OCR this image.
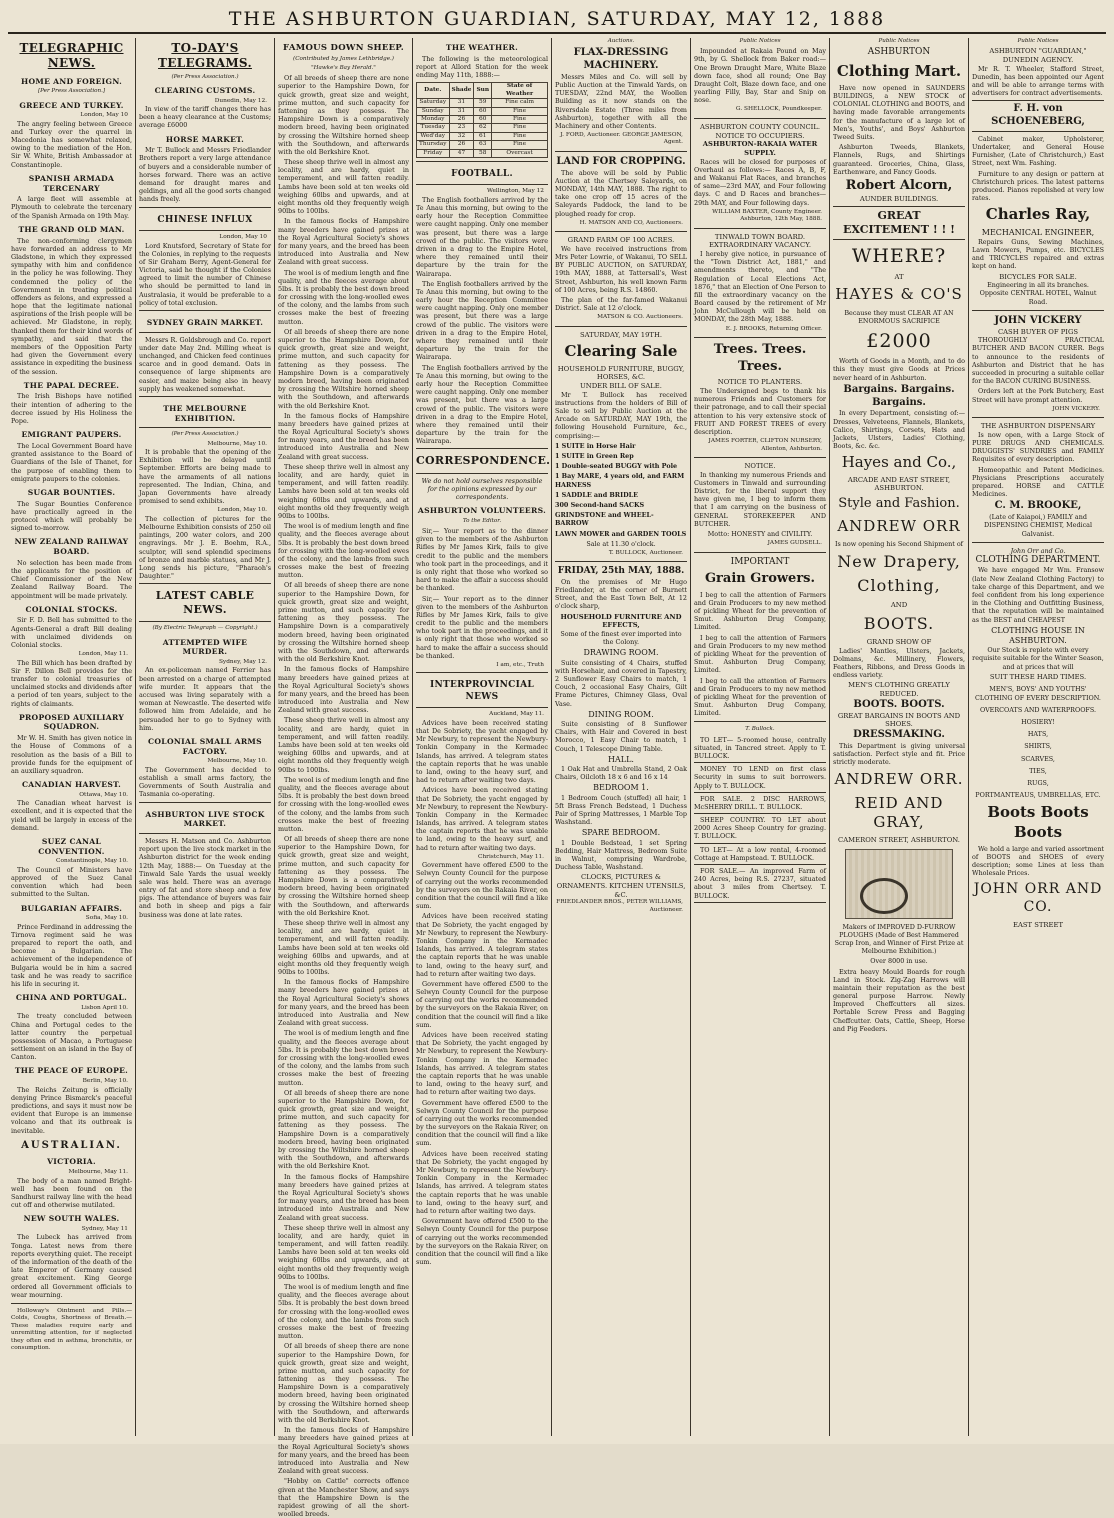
THE ASHBURTON GUARDIAN, SATURDAY, MAY 12, 1888
TELEGRAPHIC NEWS.
HOME AND FOREIGN.
[Per Press Association.]
GREECE AND TURKEY.
London, May 10

The angry feeling between Greece and Turkey over the quarrel in Macedonia has somewhat relaxed, owing to the mediation of the Hon. Sir W. White, British Ambassador at Constantinople.

SPANISH ARMADA TERCENARY

A large fleet will assemble at Plymouth to celebrate the tercenary of the Spanish Armada on 19th May.

THE GRAND OLD MAN.

The non-conforming clergymen have forwarded an address to Mr Gladstone, in which they expressed sympathy with him and confidence in the policy he was following. They condemned the policy of the Government in treating political offenders as felons, and expressed a hope that the legitimate national aspirations of the Irish people will be achieved. Mr Gladstone, in reply, thanked them for their kind words of sympathy, and said that the members of the Opposition Party had given the Government every assistance in expediting the business of the session.

THE PAPAL DECREE.

The Irish Bishops have notified their intention of adhering to the decree issued by His Holiness the Pope.

EMIGRANT PAUPERS.

The Local Government Board have granted assistance to the Board of Guardians of the Isle of Thanet, for the purpose of enabling them to emigrate paupers to the colonies.

SUGAR BOUNTIES.

The Sugar Bounties Conference have practically agreed in the protocol which will probably be signed to-morrow.

NEW ZEALAND RAILWAY BOARD.

No selection has been made from the applicants for the position of Chief Commissioner of the New Zealand Railway Board. The appointment will be made privately.

COLONIAL STOCKS.

Sir F. D. Bell has submitted to the Agents-General a draft Bill dealing with unclaimed dividends on Colonial stocks.

London, May 11.

The Bill which has been drafted by Sir F. Dillon Bell provides for the transfer to colonial treasuries of unclaimed stocks and dividends after a period of ten years, subject to the rights of claimants.

PROPOSED AUXILIARY SQUADRON.

Mr W. H. Smith has given notice in the House of Commons of a resolution as the basis of a Bill to provide funds for the equipment of an auxiliary squadron.

CANADIAN HARVEST.
Ottawa, May 10.

The Canadian wheat harvest is excellent, and it is expected that the yield will be largely in excess of the demand.

SUEZ CANAL CONVENTION.
Constantinople, May 10.

The Council of Ministers have approved of the Suez Canal convention which had been submitted to the Sultan.

BULGARIAN AFFAIRS.
Sofia, May 10.

Prince Ferdinand in addressing the Tirnova regiment said he was prepared to report the oath, and become a Bulgarian. The achievement of the independence of Bulgaria would be in him a sacred task and he was ready to sacrifice his life in securing it.

CHINA AND PORTUGAL.
Lisbon April 10.

The treaty concluded between China and Portugal cedes to the latter country the perpetual possession of Macao, a Portuguese settlement on an island in the Bay of Canton.

THE PEACE OF EUROPE.
Berlin, May 10.

The Reichs Zeitung is officially denying Prince Bismarck's peaceful predictions, and says it must now be evident that Europe is an immense volcano and that its outbreak is inevitable.

AUSTRALIAN.
VICTORIA.
Melbourne, May 11.

The body of a man named Bright-well has been found on the Sandhurst railway line with the head cut off and otherwise mutilated.

NEW SOUTH WALES.
Sydney, May 11

The Lubeck has arrived from Tonga. Latest news from there reports everything quiet. The receipt of the information of the death of the late Emperor of Germany caused great excitement. King George ordered all Government officials to wear mourning.

Holloway's Ointment and Pills.— Colds, Coughs, Shortness of Breath.— These maladies require early and unremitting attention, for if neglected they often end in asthma, bronchitis, or consumption.

TO-DAY'S TELEGRAMS.
(Per Press Association.)
CLEARING CUSTOMS.
Dunedin, May 12.

In view of the tariff changes there has been a heavy clearance at the Customs; average £6000

HORSE MARKET.

Mr T. Bullock and Messrs Friedlander Brothers report a very large attendance of buyers and a considerable number of horses forward. There was an active demand for draught mares and geldings, and all the good sorts changed hands freely.

CHINESE INFLUX
London, May 10

Lord Knutsford, Secretary of State for the Colonies, in replying to the requests of Sir Graham Berry, Agent-General for Victoria, said he thought if the Colonies agreed to limit the number of Chinese who should be permitted to land in Australasia, it would be preferable to a policy of total exclusion.

SYDNEY GRAIN MARKET.

Messrs R. Goldsbrough and Co. report under date May 2nd. Milling wheat is unchanged, and Chicken feed continues scarce and in good demand. Oats in consequence of large shipments are easier, and maize being also in heavy supply has weakened somewhat.

THE MELBOURNE EXHIBITION.
(Per Press Association.)
Melbourne, May 10.

It is probable that the opening of the Exhibition will be delayed until September. Efforts are being made to have the armaments of all nations represented. The Indian, China, and Japan Governments have already promised to send exhibits.

London, May 10.

The collection of pictures for the Melbourne Exhibition consists of 250 oil paintings, 200 water colors, and 200 engravings. Mr J. E. Boehm, R.A., sculptor, will send splendid specimens of bronze and marble statues, and Mr J. Long sends his picture, "Pharaoh's Daughter."

LATEST CABLE NEWS.
(By Electric Telegraph — Copyright.)
ATTEMPTED WIFE MURDER.
Sydney, May 12.

An ex-policeman named Ferrier has been arrested on a charge of attempted wife murder. It appears that the accused was living separately with a woman at Newcastle. The deserted wife followed him from Adelaide, and he persuaded her to go to Sydney with him.

COLONIAL SMALL ARMS FACTORY.
Melbourne, May 10.

The Government has decided to establish a small arms factory, the Governments of South Australia and Tasmania co-operating.

ASHBURTON LIVE STOCK MARKET.

Messrs H. Matson and Co. Ashburton report upon the live stock market in the Ashburton district for the week ending 12th May, 1888:— On Tuesday at the Tinwald Sale Yards the usual weekly sale was held. There was an average entry of fat and store sheep and a few pigs. The attendance of buyers was fair and both in sheep and pigs a fair business was done at late rates.

FAMOUS DOWN SHEEP.
(Contributed by James Lethbridge.)
"Hawke's Bay Herald."

Of all breeds of sheep there are none superior to the Hampshire Down, for quick growth, great size and weight, prime mutton, and such capacity for fattening as they possess. The Hampshire Down is a comparatively modern breed, having been originated by crossing the Wiltshire horned sheep with the Southdown, and afterwards with the old Berkshire Knot.

These sheep thrive well in almost any locality, and are hardy, quiet in temperament, and will fatten readily. Lambs have been sold at ten weeks old weighing 60lbs and upwards, and at eight months old they frequently weigh 90lbs to 100lbs.

In the famous flocks of Hampshire many breeders have gained prizes at the Royal Agricultural Society's shows for many years, and the breed has been introduced into Australia and New Zealand with great success.

The wool is of medium length and fine quality, and the fleeces average about 5lbs. It is probably the best down breed for crossing with the long-woolled ewes of the colony, and the lambs from such crosses make the best of freezing mutton.

Of all breeds of sheep there are none superior to the Hampshire Down, for quick growth, great size and weight, prime mutton, and such capacity for fattening as they possess. The Hampshire Down is a comparatively modern breed, having been originated by crossing the Wiltshire horned sheep with the Southdown, and afterwards with the old Berkshire Knot.

In the famous flocks of Hampshire many breeders have gained prizes at the Royal Agricultural Society's shows for many years, and the breed has been introduced into Australia and New Zealand with great success.

These sheep thrive well in almost any locality, and are hardy, quiet in temperament, and will fatten readily. Lambs have been sold at ten weeks old weighing 60lbs and upwards, and at eight months old they frequently weigh 90lbs to 100lbs.

The wool is of medium length and fine quality, and the fleeces average about 5lbs. It is probably the best down breed for crossing with the long-woolled ewes of the colony, and the lambs from such crosses make the best of freezing mutton.

Of all breeds of sheep there are none superior to the Hampshire Down, for quick growth, great size and weight, prime mutton, and such capacity for fattening as they possess. The Hampshire Down is a comparatively modern breed, having been originated by crossing the Wiltshire horned sheep with the Southdown, and afterwards with the old Berkshire Knot.

In the famous flocks of Hampshire many breeders have gained prizes at the Royal Agricultural Society's shows for many years, and the breed has been introduced into Australia and New Zealand with great success.

These sheep thrive well in almost any locality, and are hardy, quiet in temperament, and will fatten readily. Lambs have been sold at ten weeks old weighing 60lbs and upwards, and at eight months old they frequently weigh 90lbs to 100lbs.

The wool is of medium length and fine quality, and the fleeces average about 5lbs. It is probably the best down breed for crossing with the long-woolled ewes of the colony, and the lambs from such crosses make the best of freezing mutton.

Of all breeds of sheep there are none superior to the Hampshire Down, for quick growth, great size and weight, prime mutton, and such capacity for fattening as they possess. The Hampshire Down is a comparatively modern breed, having been originated by crossing the Wiltshire horned sheep with the Southdown, and afterwards with the old Berkshire Knot.

These sheep thrive well in almost any locality, and are hardy, quiet in temperament, and will fatten readily. Lambs have been sold at ten weeks old weighing 60lbs and upwards, and at eight months old they frequently weigh 90lbs to 100lbs.

In the famous flocks of Hampshire many breeders have gained prizes at the Royal Agricultural Society's shows for many years, and the breed has been introduced into Australia and New Zealand with great success.

The wool is of medium length and fine quality, and the fleeces average about 5lbs. It is probably the best down breed for crossing with the long-woolled ewes of the colony, and the lambs from such crosses make the best of freezing mutton.

Of all breeds of sheep there are none superior to the Hampshire Down, for quick growth, great size and weight, prime mutton, and such capacity for fattening as they possess. The Hampshire Down is a comparatively modern breed, having been originated by crossing the Wiltshire horned sheep with the Southdown, and afterwards with the old Berkshire Knot.

In the famous flocks of Hampshire many breeders have gained prizes at the Royal Agricultural Society's shows for many years, and the breed has been introduced into Australia and New Zealand with great success.

These sheep thrive well in almost any locality, and are hardy, quiet in temperament, and will fatten readily. Lambs have been sold at ten weeks old weighing 60lbs and upwards, and at eight months old they frequently weigh 90lbs to 100lbs.

The wool is of medium length and fine quality, and the fleeces average about 5lbs. It is probably the best down breed for crossing with the long-woolled ewes of the colony, and the lambs from such crosses make the best of freezing mutton.

Of all breeds of sheep there are none superior to the Hampshire Down, for quick growth, great size and weight, prime mutton, and such capacity for fattening as they possess. The Hampshire Down is a comparatively modern breed, having been originated by crossing the Wiltshire horned sheep with the Southdown, and afterwards with the old Berkshire Knot.

In the famous flocks of Hampshire many breeders have gained prizes at the Royal Agricultural Society's shows for many years, and the breed has been introduced into Australia and New Zealand with great success.

"Hobby on Cattle" corrects offence given at the Manchester Show, and says that the Hampshire Down is the rapidest growing of all the short-woolled breeds.

THE WEATHER.

The following is the meteorological report at Allord Station for the week ending May 11th, 1888:—

Date.	Shade	Sun	State of Weather
Saturday	31	59	Fine calm
Sunday	31	60	Fine
Monday	26	60	Fine
Tuesday	23	62	Fine
Wed'day	32	61	Fine
Thursday	26	63	Fine
Friday	47	58	Overcast
FOOTBALL.
Wellington, May 12

The English footballers arrived by the Te Anau this morning, but owing to the early hour the Reception Committee were caught napping. Only one member was present, but there was a large crowd of the public. The visitors were driven in a drag to the Empire Hotel, where they remained until their departure by the train for the Wairarapa.

The English footballers arrived by the Te Anau this morning, but owing to the early hour the Reception Committee were caught napping. Only one member was present, but there was a large crowd of the public. The visitors were driven in a drag to the Empire Hotel, where they remained until their departure by the train for the Wairarapa.

The English footballers arrived by the Te Anau this morning, but owing to the early hour the Reception Committee were caught napping. Only one member was present, but there was a large crowd of the public. The visitors were driven in a drag to the Empire Hotel, where they remained until their departure by the train for the Wairarapa.

CORRESPONDENCE.

We do not hold ourselves responsible for the opinions expressed by our correspondents.

ASHBURTON VOLUNTEERS.
To the Editor.

Sir,— Your report as to the dinner given to the members of the Ashburton Rifles by Mr James Kirk, fails to give credit to the public and the members who took part in the proceedings, and it is only right that those who worked so hard to make the affair a success should be thanked.

Sir,— Your report as to the dinner given to the members of the Ashburton Rifles by Mr James Kirk, fails to give credit to the public and the members who took part in the proceedings, and it is only right that those who worked so hard to make the affair a success should be thanked.

I am, etc., Truth
INTERPROVINCIAL NEWS
Auckland, May 11.

Advices have been received stating that De Sobriety, the yacht engaged by Mr Newbury, to represent the Newbury-Tonkin Company in the Kermadec Islands, has arrived. A telegram states the captain reports that he was unable to land, owing to the heavy surf, and had to return after waiting two days.

Advices have been received stating that De Sobriety, the yacht engaged by Mr Newbury, to represent the Newbury-Tonkin Company in the Kermadec Islands, has arrived. A telegram states the captain reports that he was unable to land, owing to the heavy surf, and had to return after waiting two days.

Christchurch, May 11.

Government have offered £500 to the Selwyn County Council for the purpose of carrying out the works recommended by the surveyors on the Rakaia River, on condition that the council will find a like sum.

Advices have been received stating that De Sobriety, the yacht engaged by Mr Newbury, to represent the Newbury-Tonkin Company in the Kermadec Islands, has arrived. A telegram states the captain reports that he was unable to land, owing to the heavy surf, and had to return after waiting two days.

Government have offered £500 to the Selwyn County Council for the purpose of carrying out the works recommended by the surveyors on the Rakaia River, on condition that the council will find a like sum.

Advices have been received stating that De Sobriety, the yacht engaged by Mr Newbury, to represent the Newbury-Tonkin Company in the Kermadec Islands, has arrived. A telegram states the captain reports that he was unable to land, owing to the heavy surf, and had to return after waiting two days.

Government have offered £500 to the Selwyn County Council for the purpose of carrying out the works recommended by the surveyors on the Rakaia River, on condition that the council will find a like sum.

Advices have been received stating that De Sobriety, the yacht engaged by Mr Newbury, to represent the Newbury-Tonkin Company in the Kermadec Islands, has arrived. A telegram states the captain reports that he was unable to land, owing to the heavy surf, and had to return after waiting two days.

Government have offered £500 to the Selwyn County Council for the purpose of carrying out the works recommended by the surveyors on the Rakaia River, on condition that the council will find a like sum.

Auctions.
FLAX-DRESSING MACHINERY.

Messrs Miles and Co. will sell by Public Auction at the Tinwald Yards, on TUESDAY, 22nd MAY, the Woollen Building as it now stands on the Riversdale Estate (Three miles from Ashburton), together with all the Machinery and other Contents.

J. FORD, Auctioneer. GEORGE JAMESON, Agent.
LAND FOR CROPPING.

The above will be sold by Public Auction at the Chertsey Saleyards, on MONDAY, 14th MAY, 1888. The right to take one crop off 15 acres of the Saleyards Paddock, the land to be ploughed ready for crop.

H. MATSON AND CO, Auctioneers.
GRAND FARM OF 100 ACRES.

We have received instructions from Mrs Peter Lowrie, of Wakanui, TO SELL BY PUBLIC AUCTION, on SATURDAY, 19th MAY, 1888, at Tattersall's, West Street, Ashburton, his well known Farm of 100 Acres, being R.S. 14860.

The plan of the far-famed Wakanui District. Sale at 12 o'clock.

MATSON & CO. Auctioneers.
SATURDAY, MAY 19TH.
Clearing Sale
HOUSEHOLD FURNITURE, BUGGY, HORSES, &C.
UNDER BILL OF SALE.

Mr T. Bullock has received instructions from the holders of Bill of Sale to sell by Public Auction at the Arcade on SATURDAY, MAY 19th, the following Household Furniture, &c., comprising:—

1 SUITE in Horse Hair

1 SUITE in Green Rep

1 Double-seated BUGGY with Pole

1 Bay MARE, 4 years old, and FARM HARNESS

1 SADDLE and BRIDLE

300 Second-hand SACKS

GRINDSTONE and WHEEL-BARROW

LAWN MOWER and GARDEN TOOLS

Sale at 11.30 o'clock.

T. BULLOCK, Auctioneer.
FRIDAY, 25th MAY, 1888.

On the premises of Mr Hugo Friedlander, at the corner of Burnett Street, and the East Town Belt, At 12 o'clock sharp,

HOUSEHOLD FURNITURE AND EFFECTS,

Some of the finest ever imported into the Colony.

DRAWING ROOM.

Suite consisting of 4 Chairs, stuffed with Horsehair, and covered in Tapestry, 2 Sunflower Easy Chairs to match, 1 Couch, 2 occasional Easy Chairs, Gilt Frame Pictures, Chimney Glass, Oval Vase.

DINING ROOM.

Suite consisting of 8 Sunflower Chairs, with Hair and Covered in best Morocco, 1 Easy Chair to match, 1 Couch, 1 Telescope Dining Table.

HALL.

1 Oak Hat and Umbrella Stand, 2 Oak Chairs, Oilcloth 18 x 6 and 16 x 14

BEDROOM 1.

1 Bedroom Couch (stuffed) all hair, 1 5ft Brass French Bedstead, 1 Duchess Pair of Spring Mattresses, 1 Marble Top Washstand.

SPARE BEDROOM.

1 Double Bedstead, 1 set Spring Bedding, Hair Mattress, Bedroom Suite in Walnut, comprising Wardrobe, Duchess Table, Washstand.

CLOCKS, PICTURES & ORNAMENTS. KITCHEN UTENSILS, &C.
FRIEDLANDER BROS., PETER WILLIAMS, Auctioneer.
Public Notices

Impounded at Rakaia Pound on May 9th, by G. Shellock from Baker road:— One Brown Draught Mare, White Blaze down face, shod all round; One Bay Draught Colt, Blaze down face, and one yearling Filly, Bay, Star and Snip on nose.

G. SHELLOCK, Poundkeeper.
ASHBURTON COUNTY COUNCIL.
NOTICE TO OCCUPIERS.
ASHBURTON-RAKAIA WATER SUPPLY.

Races will be closed for purposes of Overhaul as follows:— Races A, B, F, and Wakanui Flat Races, and branches of same—23rd MAY, and Four following days. C and D Races and branches—29th MAY, and Four following days.

WILLIAM BAXTER, County Engineer. Ashburton, 12th May, 1888.
TINWALD TOWN BOARD.
EXTRAORDINARY VACANCY.

I hereby give notice, in pursuance of the "Town District Act, 1881," and amendments thereto, and "The Regulation of Local Elections Act, 1876," that an Election of One Person to fill the extraordinary vacancy on the Board caused by the retirement of Mr John McCullough will be held on MONDAY, the 28th May, 1888.

E. J. BROOKS, Returning Officer.
Trees. Trees. Trees.
NOTICE TO PLANTERS.

The Undersigned begs to thank his numerous Friends and Customers for their patronage, and to call their special attention to his very extensive stock of FRUIT AND FOREST TREES of every description.

JAMES FORTER, CLIFTON NURSERY, Allenton, Ashburton.
NOTICE.

In thanking my numerous Friends and Customers in Tinwald and surrounding District, for the liberal support they have given me, I beg to inform them that I am carrying on the business of GENERAL STOREKEEPER AND BUTCHER.

Motto: HONESTY and CIVILITY.

JAMES GUDSELL.
IMPORTANT
Grain Growers.

I beg to call the attention of Farmers and Grain Producers to my new method of pickling Wheat for the prevention of Smut. Ashburton Drug Company, Limited.

I beg to call the attention of Farmers and Grain Producers to my new method of pickling Wheat for the prevention of Smut. Ashburton Drug Company, Limited.

I beg to call the attention of Farmers and Grain Producers to my new method of pickling Wheat for the prevention of Smut. Ashburton Drug Company, Limited.

T. Bullock.

TO LET— 5-roomed house, centrally situated, in Tancred street. Apply to T. BULLOCK.

MONEY TO LEND on first class Security in sums to suit borrowers. Apply to T. BULLOCK.

FOR SALE. 2 DISC HARROWS, McSHERRY DRILL. T. BULLOCK.

SHEEP COUNTRY. TO LET about 2000 Acres Sheep Country for grazing. T. BULLOCK.

TO LET— At a low rental, 4-roomed Cottage at Hampstead. T. BULLOCK.

FOR SALE.— An improved Farm of 240 Acres, being R.S. 27237, situated about 3 miles from Chertsey. T. BULLOCK.

Public Notices
ASHBURTON
Clothing Mart.

Have now opened in SAUNDERS BUILDINGS, a NEW STOCK of COLONIAL CLOTHING and BOOTS, and having made favorable arrangements for the manufacture of a large lot of Men's, Youths', and Boys' Ashburton Tweed Suits.

Ashburton Tweeds, Blankets, Flannels, Rugs, and Shirtings guaranteed. Groceries, China, Glass, Earthenware, and Fancy Goods.

Robert Alcorn,
AUNDER BUILDINGS.
GREAT EXCITEMENT ! ! !
WHERE?
AT
HAYES & CO'S

Because they must CLEAR AT AN ENORMOUS SACRIFICE

£2000

Worth of Goods in a Month, and to do this they must give Goods at Prices never heard of in Ashburton.

Bargains. Bargains. Bargains.

In every Department, consisting of:— Dresses, Velveteens, Flannels, Blankets, Calico, Shirtings, Corsets, Hats and Jackets, Ulsters, Ladies' Clothing, Boots, &c. &c.

Hayes and Co.,
ARCADE AND EAST STREET, ASHBURTON.
Style and Fashion.
ANDREW ORR

Is now opening his Second Shipment of

New Drapery,
Clothing,
AND
BOOTS.
GRAND SHOW OF

Ladies' Mantles, Ulsters, Jackets, Dolmans, &c. Millinery, Flowers, Feathers, Ribbons, and Dress Goods in endless variety.

MEN'S CLOTHING GREATLY REDUCED.
BOOTS. BOOTS.
GREAT BARGAINS IN BOOTS AND SHOES.
DRESSMAKING.

This Department is giving universal satisfaction. Perfect style and fit. Price strictly moderate.

ANDREW ORR.
REID AND GRAY,
CAMERON STREET, ASHBURTON.

Makers of IMPROVED D-FURROW PLOUGHS (Made of Best Hammered Scrap Iron, and Winner of First Prize at Melbourne Exhibition.)

Over 8000 in use.

Extra heavy Mould Boards for rough Land in Stock. Zig-Zag Harrows will maintain their reputation as the best general purpose Harrow. Newly Improved Cheffcutters all sizes. Portable Screw Press and Bagging Cheffcutter. Oats, Cattle, Sheep, Horse and Pig Feeders.

Public Notices
ASHBURTON "GUARDIAN," DUNEDIN AGENCY.

Mr R. T. Wheeler, Stafford Street, Dunedin, has been appointed our Agent and will be able to arrange terms with advertisers for contract advertisements.

F. H. von SCHOENEBERG,

Cabinet maker, Upholsterer, Undertaker, and General House Furnisher, (Late of Christchurch,) East Street, next Wm. Fashing.

Furniture to any design or pattern at Christchurch prices. The latest patterns produced. Pianos repolished at very low rates.

Charles Ray,
MECHANICAL ENGINEER,

Repairs Guns, Sewing Machines, Lawn Mowers, Pumps, etc. BICYCLES and TRICYCLES repaired and extras kept on hand.

BICYCLES FOR SALE.

Engineering in all its branches. Opposite CENTRAL HOTEL, Walnut Road.

JOHN VICKERY
CASH BUYER OF PIGS

THOROUGHLY PRACTICAL BUTCHER AND BACON CURER. Begs to announce to the residents of Ashburton and District that he has succeeded in procuring a suitable cellar for the BACON CURING BUSINESS.

Orders left at the Pork Butchery, East Street will have prompt attention.

JOHN VICKERY.
THE ASHBURTON DISPENSARY

Is now open, with a Large Stock of PURE DRUGS AND CHEMICALS. DRUGGISTS' SUNDRIES and FAMILY Requisites of every description.

Homeopathic and Patent Medicines. Physicians Prescriptions accurately prepared. HORSE and CATTLE Medicines.

C. M. BROOKE,

(Late of Kaiapoi,) FAMILY and DISPENSING CHEMIST, Medical Galvanist.

John Orr and Co.
CLOTHING DEPARTMENT.

We have engaged Mr Wm. Fransow (late New Zealand Clothing Factory) to take charge of this Department, and we feel confident from his long experience in the Clothing and Outfitting Business, that the reputation will be maintained as the BEST and CHEAPEST

CLOTHING HOUSE IN ASHBURTON.

Our Stock is replete with every requisite suitable for the Winter Season, and at prices that will

SUIT THESE HARD TIMES.

MEN'S, BOYS' AND YOUTHS' CLOTHING OF EVERY DESCRIPTION.

OVERCOATS AND WATERPROOFS.

HOSIERY!

HATS,

SHIRTS,

SCARVES,

TIES,

RUGS,

PORTMANTEAUS, UMBRELLAS, ETC.

Boots Boots Boots

We hold a large and varied assortment of BOOTS and SHOES of every description; some Lines at less than Wholesale Prices.

JOHN ORR AND CO.
EAST STREET
